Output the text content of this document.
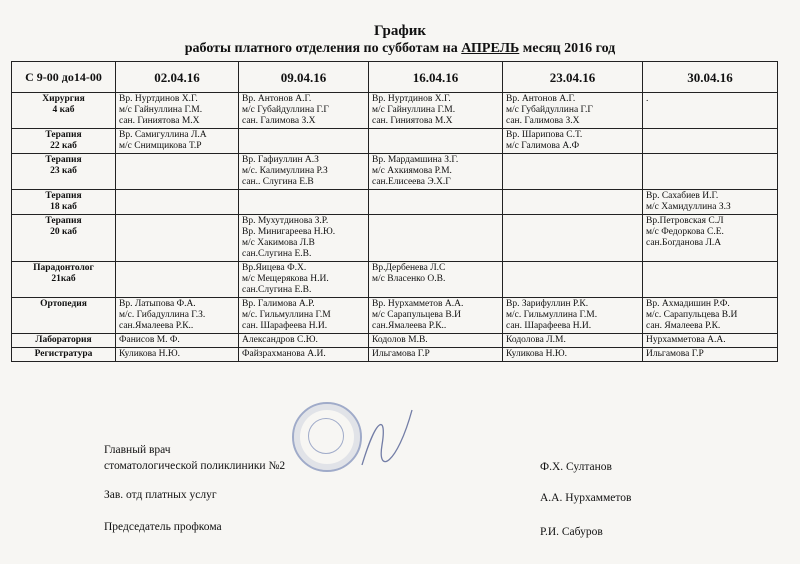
График
работы платного отделения по субботам на АПРЕЛЬ месяц 2016 год
С 9-00 до14-00	02.04.16	09.04.16	16.04.16	23.04.16	30.04.16

Хирургия
4 каб	Вр. Нуртдинов Х.Г.
м/с Гайнуллина Г.М.
сан. Гиниятова М.Х	Вр. Антонов А.Г.
м/с Губайдуллина Г.Г
сан. Галимова З.Х	Вр. Нуртдинов Х.Г.
м/с Гайнуллина Г.М.
сан. Гиниятова М.Х	Вр. Антонов А.Г.
м/с Губайдуллина Г.Г
сан. Галимова З.Х	.

Терапия
22 каб	Вр. Самигуллина Л.А
м/с Снимщикова Т.Р			Вр. Шарипова С.Т.
м/с Галимова А.Ф	

Терапия
23 каб		Вр. Гафиуллин А.З
м/с. Калимуллина Р.З
сан.. Слугина Е.В	Вр. Мардамшина З.Г.
м/с Ахкиямова Р.М.
сан.Елисеева Э.Х.Г		

Терапия
18 каб					Вр. Сахабиев И.Г.
м/с Хамидуллина З.З

Терапия
20 каб		Вр. Мухутдинова З.Р.
Вр. Минигареева Н.Ю.
м/с Хакимова Л.В
сан.Слугина Е.В.			Вр.Петровская С.Л
м/с Федоркова С.Е.
сан.Богданова Л.А

Парадонтолог
21каб		Вр.Яицева Ф.Х.
м/с Мещерякова Н.И.
сан.Слугина Е.В.	Вр.Дербенева Л.С
м/с Власенко О.В.		

Ортопедия	Вр. Латыпова Ф.А.
м/с. Гибадуллина Г.З.
сан.Ямалеева Р.К..	Вр. Галимова А.Р.
м/с. Гильмуллина Г.М
сан. Шарафеева Н.И.	Вр. Нурхамметов А.А.
м/с Сарапульцева В.И
сан.Ямалеева Р.К..	Вр. Зарифуллин Р.К.
м/с. Гильмуллина Г.М.
сан. Шарафеева Н.И.	Вр. Ахмадишин Р.Ф.
м/с. Сарапульцева В.И
сан. Ямалеева Р.К.

Лаборатория	Фанисов М. Ф.	Александров С.Ю.	Кодолов М.В.	Кодолова Л.М.	Нурхамметова А.А.

Регистратура	Куликова Н.Ю.	Файзрахманова А.И.	Ильгамова Г.Р	Куликова Н.Ю.	Ильгамова Г.Р
Главный врач
стоматологической поликлиники №2	Ф.Х. Султанов
Зав. отд платных услуг	А.А. Нурхамметов
Председатель профкома	Р.И. Сабуров
